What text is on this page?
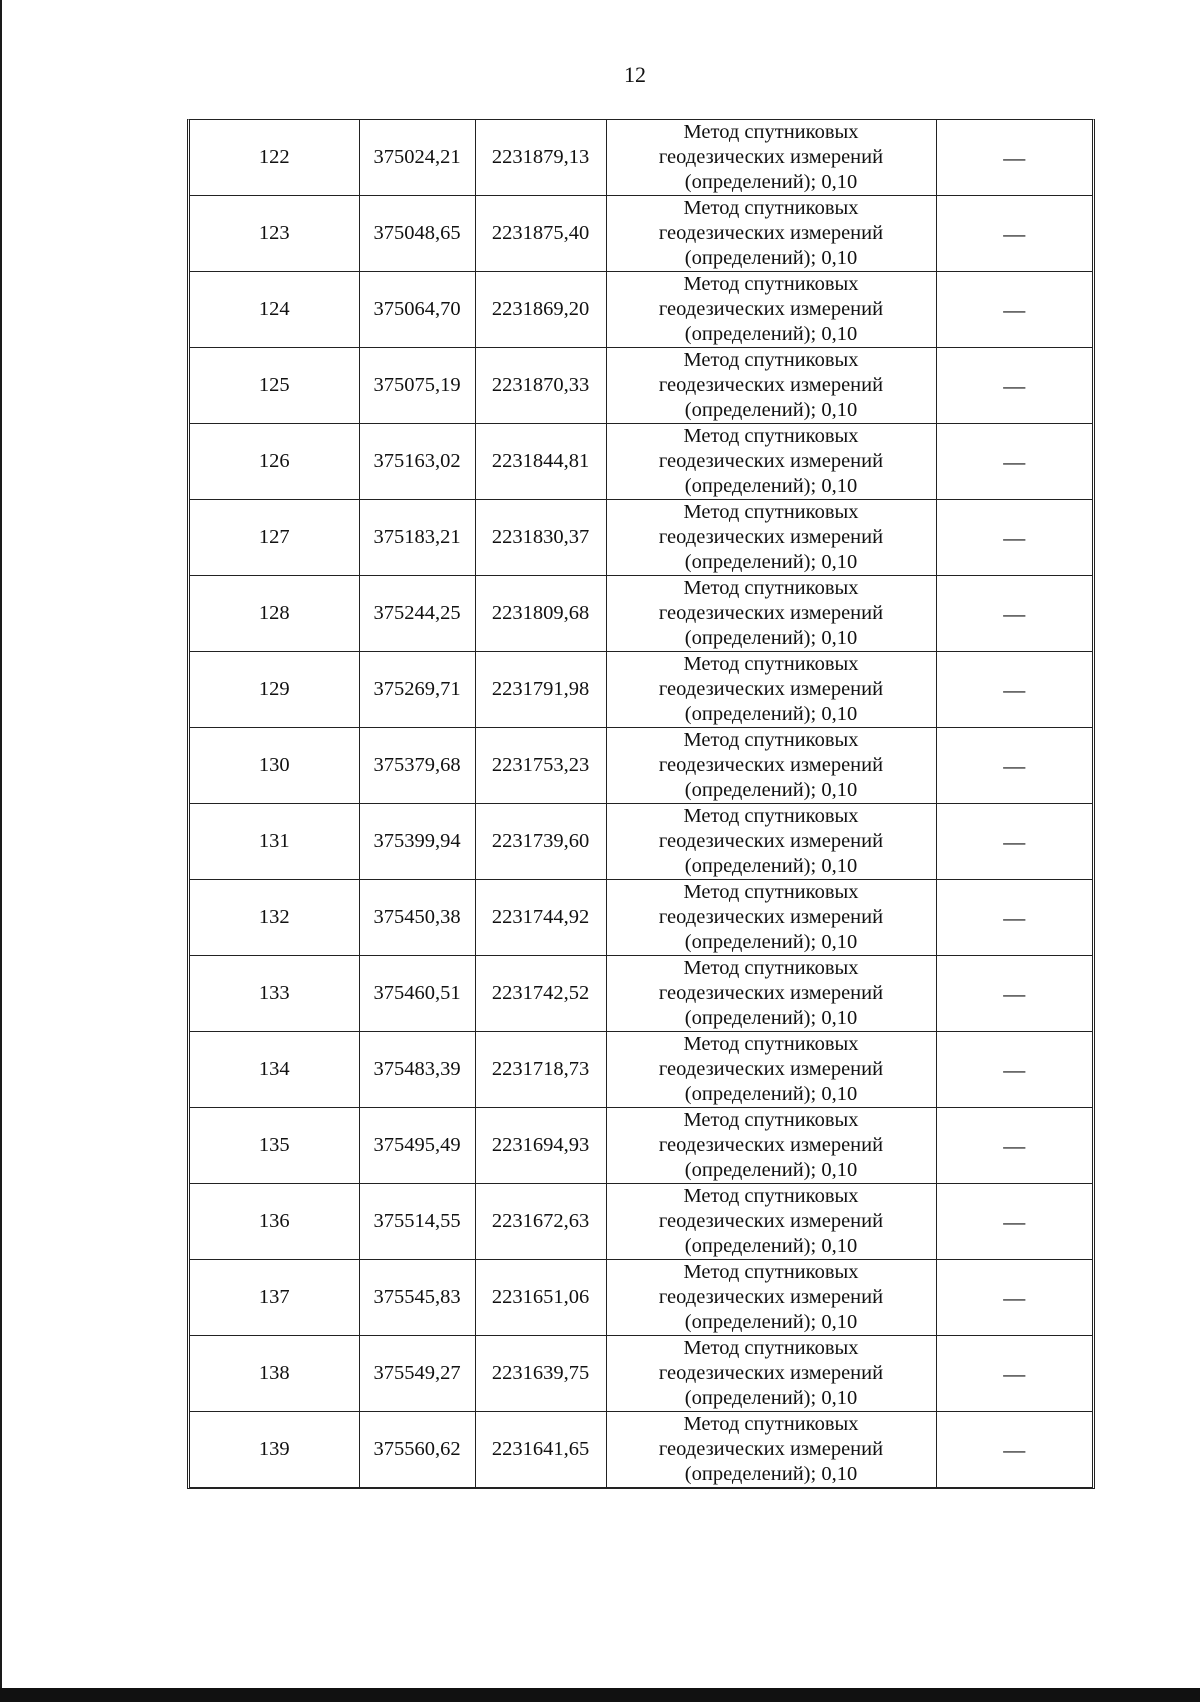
12
122	375024,21	2231879,13	Метод спутниковых
геодезических измерений
(определений); 0,10	—
123	375048,65	2231875,40	Метод спутниковых
геодезических измерений
(определений); 0,10	—
124	375064,70	2231869,20	Метод спутниковых
геодезических измерений
(определений); 0,10	—
125	375075,19	2231870,33	Метод спутниковых
геодезических измерений
(определений); 0,10	—
126	375163,02	2231844,81	Метод спутниковых
геодезических измерений
(определений); 0,10	—
127	375183,21	2231830,37	Метод спутниковых
геодезических измерений
(определений); 0,10	—
128	375244,25	2231809,68	Метод спутниковых
геодезических измерений
(определений); 0,10	—
129	375269,71	2231791,98	Метод спутниковых
геодезических измерений
(определений); 0,10	—
130	375379,68	2231753,23	Метод спутниковых
геодезических измерений
(определений); 0,10	—
131	375399,94	2231739,60	Метод спутниковых
геодезических измерений
(определений); 0,10	—
132	375450,38	2231744,92	Метод спутниковых
геодезических измерений
(определений); 0,10	—
133	375460,51	2231742,52	Метод спутниковых
геодезических измерений
(определений); 0,10	—
134	375483,39	2231718,73	Метод спутниковых
геодезических измерений
(определений); 0,10	—
135	375495,49	2231694,93	Метод спутниковых
геодезических измерений
(определений); 0,10	—
136	375514,55	2231672,63	Метод спутниковых
геодезических измерений
(определений); 0,10	—
137	375545,83	2231651,06	Метод спутниковых
геодезических измерений
(определений); 0,10	—
138	375549,27	2231639,75	Метод спутниковых
геодезических измерений
(определений); 0,10	—
139	375560,62	2231641,65	Метод спутниковых
геодезических измерений
(определений); 0,10	—
